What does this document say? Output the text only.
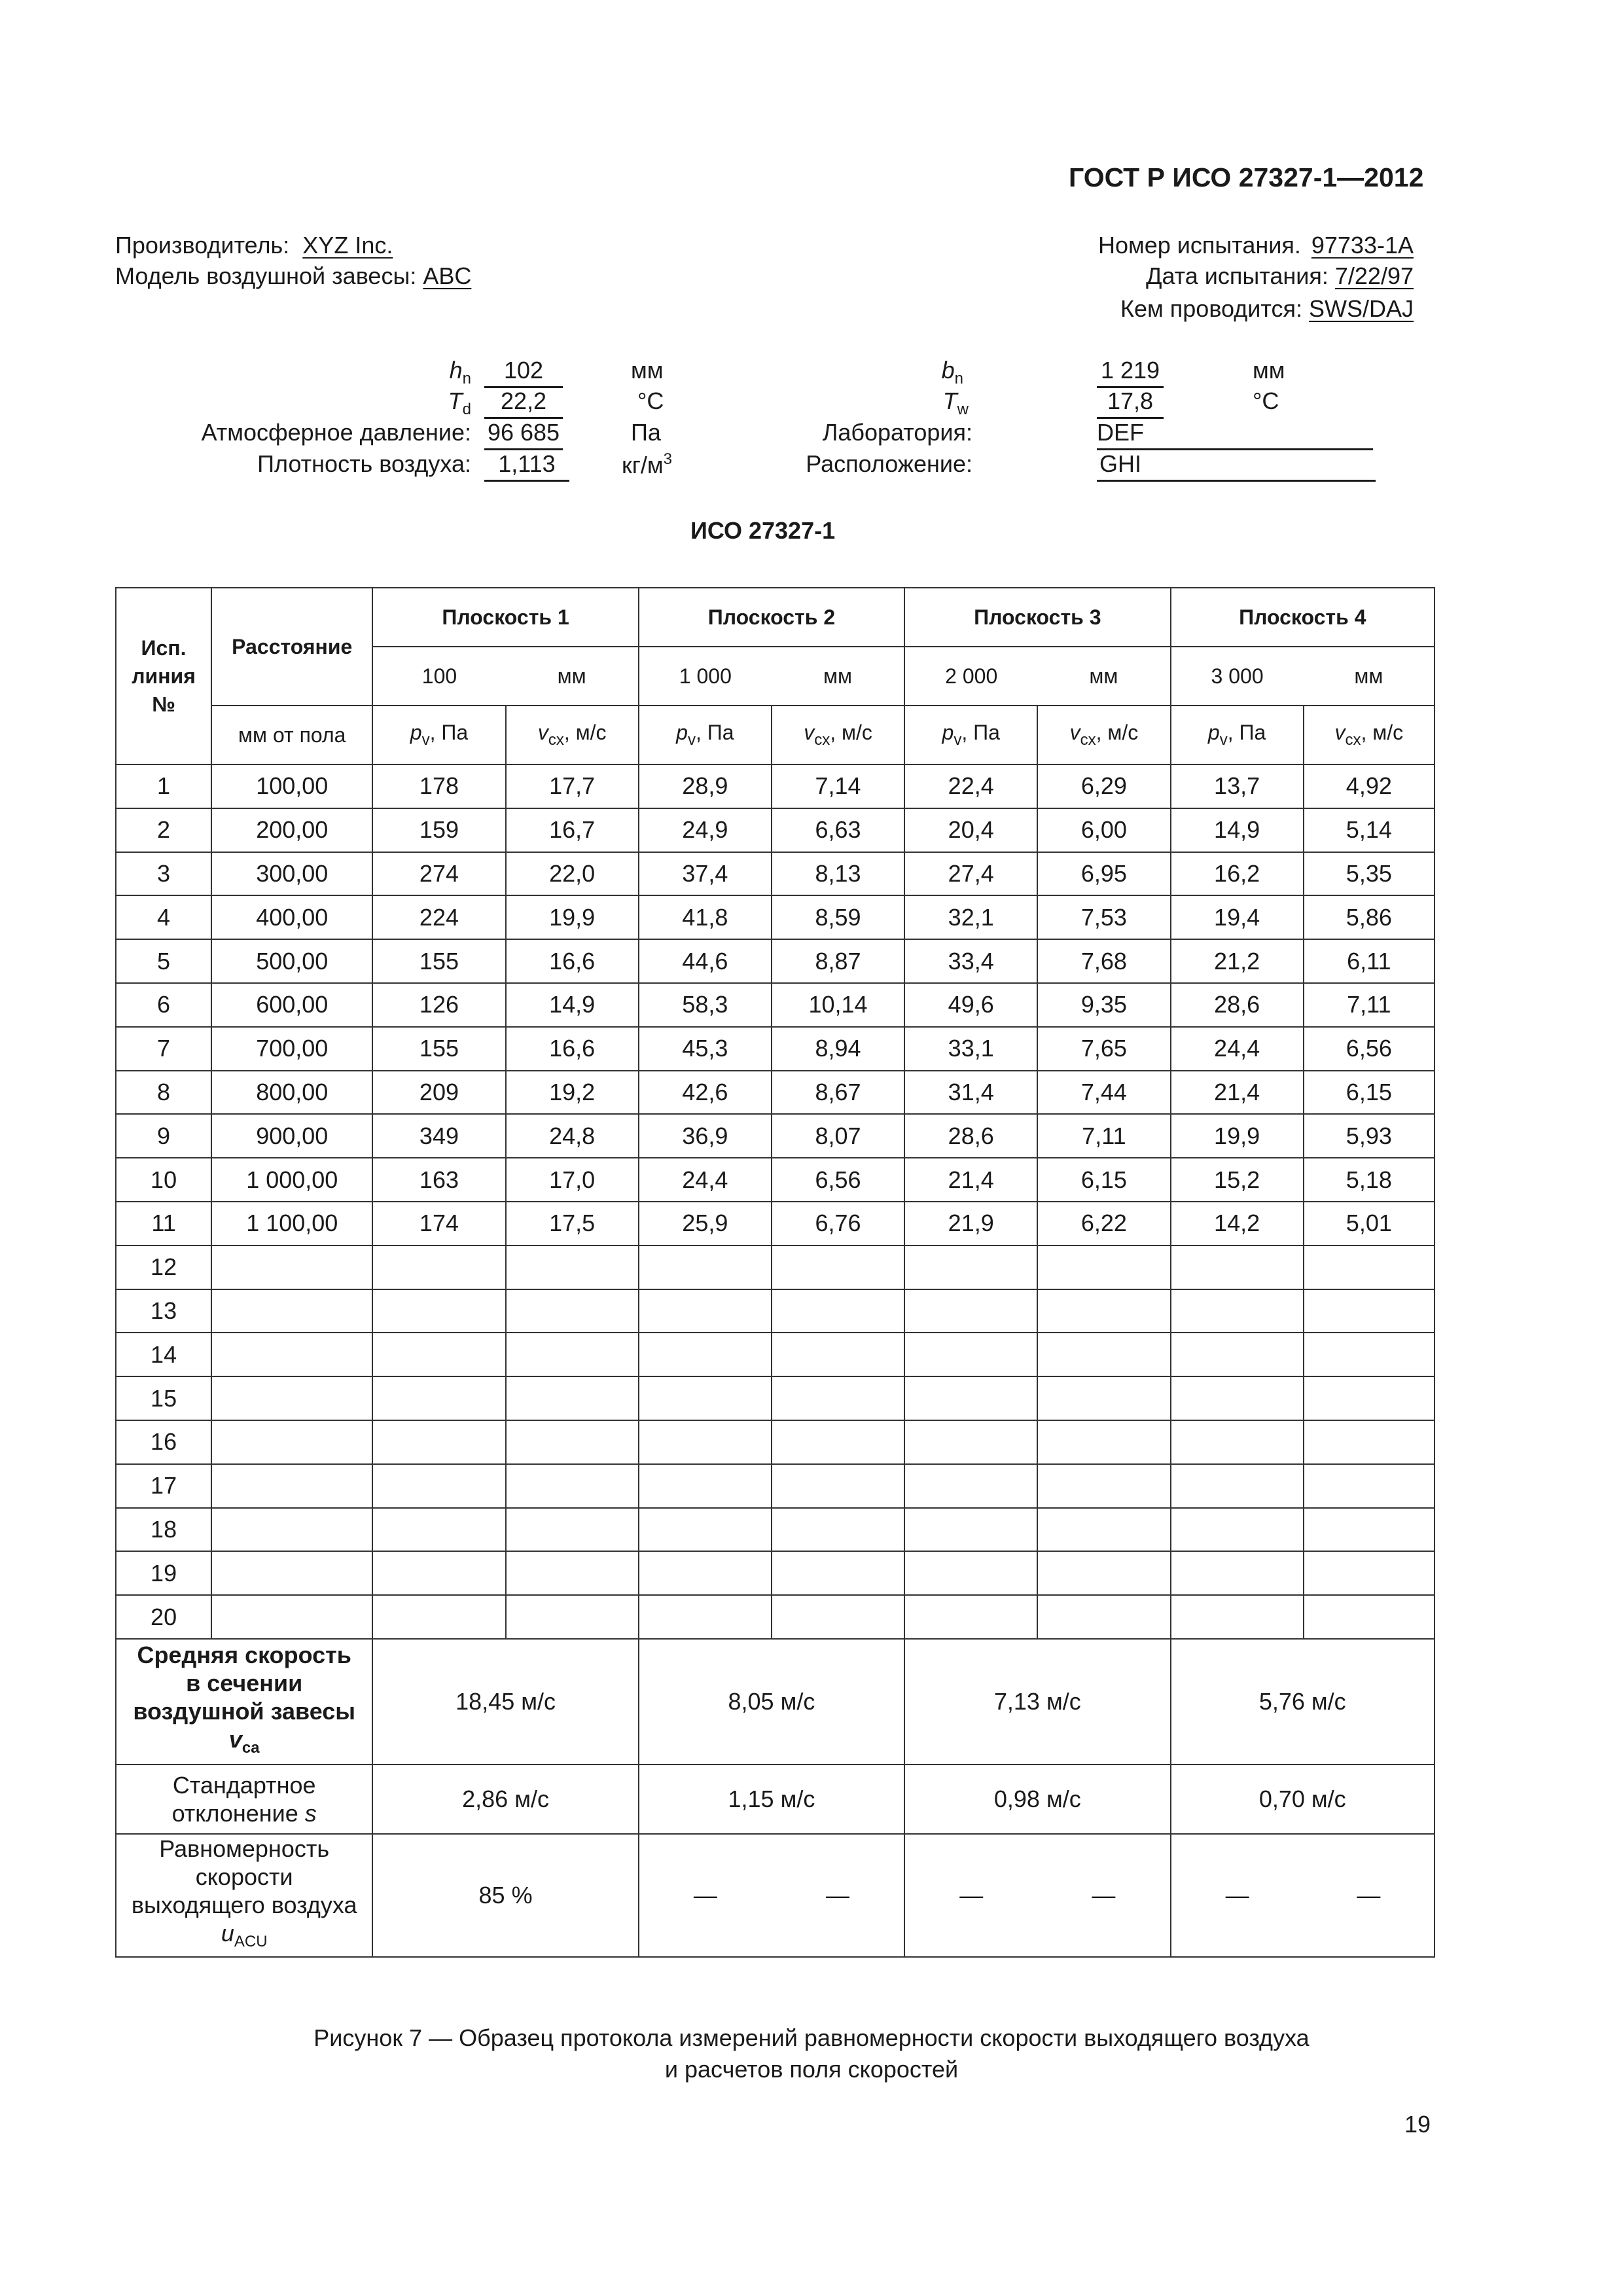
ГОСТ Р ИСО 27327-1—2012
Производитель: XYZ Inc.
Модель воздушной завесы: ABC
Номер испытания. 97733-1A
Дата испытания: 7/22/97
Кем проводится: SWS/DAJ
$h_n$	102	мм
$T_d$	22,2	°C
Атмосферное давление: 96 685	Па
Плотность воздуха:	1,113	$кг/м^3$
$b_n$	1 219	мм
$T_w$	17,8	°C
Лаборатория:	DEF
Расположение:	GHI
ИСО 27327-1
Исп. линия №	Расстояние	Плоскость 1		Плоскость 2		Плоскость 3		Плоскость 4	
		100	мм	1 000	мм	2 000	мм	3 000	мм
	мм от пола	$p_v$, Па	$v_{cx}$, м/с	$p_v$, Па	$v_{cx}$, м/с	$p_v$, Па	$v_{cx}$, м/с	$p_v$, Па	$v_{cx}$, м/с
1	100,00	178	17,7	28,9	7,14	22,4	6,29	13,7	4,92
2	200,00	159	16,7	24,9	6,63	20,4	6,00	14,9	5,14
3	300,00	274	22,0	37,4	8,13	27,4	6,95	16,2	5,35
4	400,00	224	19,9	41,8	8,59	32,1	7,53	19,4	5,86
5	500,00	155	16,6	44,6	8,87	33,4	7,68	21,2	6,11
6	600,00	126	14,9	58,3	10,14	49,6	9,35	28,6	7,11
7	700,00	155	16,6	45,3	8,94	33,1	7,65	24,4	6,56
8	800,00	209	19,2	42,6	8,67	31,4	7,44	21,4	6,15
9	900,00	349	24,8	36,9	8,07	28,6	7,11	19,9	5,93
10	1 000,00	163	17,0	24,4	6,56	21,4	6,15	15,2	5,18
11	1 100,00	174	17,5	25,9	6,76	21,9	6,22	14,2	5,01
12									
13									
14									
15									
16									
17									
18									
19									
20									

Средняя скорость
в сечении
воздушной завесы
$v_{ca}$		18,45 м/с		8,05 м/с		7,13 м/с		5,76 м/с	

Стандартное
отклонение s		2,86 м/с		1,15 м/с		0,98 м/с		0,70 м/с	

Равномерность
скорости
выходящего воздуха
$u_{ACU}$		85 %		—	—	—	—	—	—
Рисунок 7 — Образец протокола измерений равномерности скорости выходящего воздуха
и расчетов поля скоростей
19
